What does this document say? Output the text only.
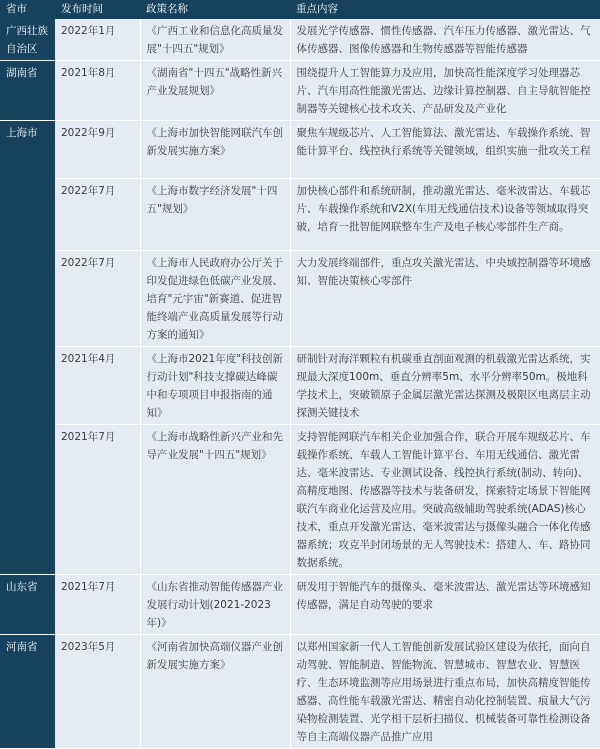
省市	发布时间	政策名称	重点内容
广西壮族自治区	2022年1月	《广西工业和信息化高质量发展"十四五"规划》	发展光学传感器、惯性传感器、汽车压力传感器、激光雷达、气体传感器、图像传感器和生物传感器等智能传感器
湖南省	2021年8月	《湖南省"十四五"战略性新兴产业发展规划》	围绕提升人工智能算力及应用，加快高性能深度学习处理器芯片、汽车用高性能激光雷达、边缘计算控制器、自主导航智能控制器等关键核心技术攻关、产品研发及产业化
上海市	2022年9月	《上海市加快智能网联汽车创新发展实施方案》	聚焦车规级芯片、人工智能算法、激光雷达、车载操作系统、智能计算平台、线控执行系统等关键领域，组织实施一批攻关工程
	2022年7月	《上海市数字经济发展"十四五"规划》	加快核心部件和系统研制，推动激光雷达、毫米波雷达、车载芯片、车载操作系统和V2X(车用无线通信技术)设备等领域取得突破，培育一批智能网联整车生产及电子核心零部件生产商。
	2022年7月	《上海市人民政府办公厅关于印发促进绿色低碳产业发展、培育"元宇宙"新赛道、促进智能终端产业高质量发展等行动方案的通知》	大力发展终端部件，重点攻关激光雷达、中央域控制器等环境感知、智能决策核心零部件
	2021年4月	《上海市2021年度"科技创新行动计划"科技支撑碳达峰碳中和专项项目申报指南的通知》	研制针对海洋颗粒有机碳垂直剖面观测的机载激光雷达系统，实现最大深度100m、垂直分辨率5m、水平分辨率50m。极地科学技术上，突破锁原子金属层激光雷达探测及极限区电离层主动探测关键技术
	2021年7月	《上海市战略性新兴产业和先导产业发展"十四五"规划》	支持智能网联汽车相关企业加强合作，联合开展车规级芯片、车载操作系统、车载人工智能计算平台、车用无线通信、激光雷达、毫米波雷达、专业测试设备、线控执行系统(制动、转向)、高精度地图、传感器等技术与装备研发，探索特定场景下智能网联汽车商业化运营及应用。突破高级辅助驾驶系统(ADAS)核心技术，重点开发激光雷达、毫米波雷达与摄像头融合一体化传感器系统；攻克半封闭场景的无人驾驶技术：搭建人、车、路协同数据系统。
山东省	2021年7月	《山东省推动智能传感器产业发展行动计划(2021-2023年)》	研发用于智能汽车的摄像头、毫米波雷达、激光雷达等环境感知传感器，满足自动驾驶的要求
河南省	2023年5月	《河南省加快高端仪器产业创新发展实施方案》	以郑州国家新一代人工智能创新发展试验区建设为依托，面向自动驾驶、智能制造、智能物流、智慧城市、智慧农业、智慧医疗、生态环境监测等应用场景进行重点布局，加快高精度智能传感器、高性能车载激光雷达、精密自动化控制装置、痕量大气污染物检测装置、光学相干层析扫描仪、机械装备可靠性检测设备等自主高端仪器产品推广应用
